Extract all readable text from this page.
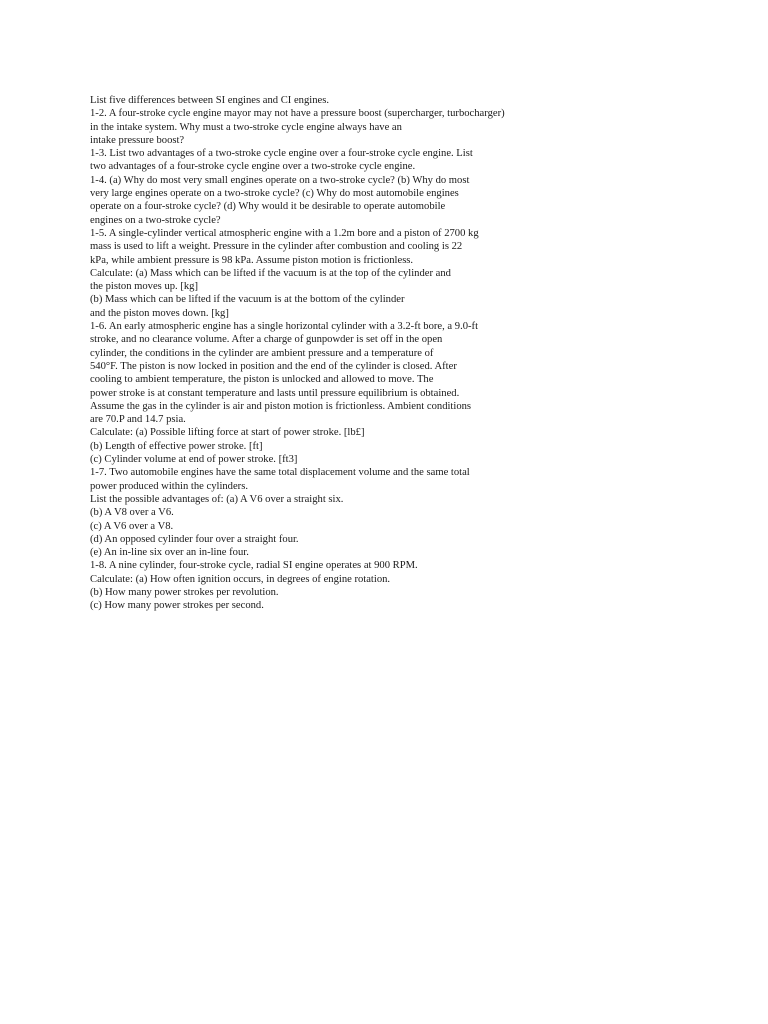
List five differences between SI engines and CI engines.
1-2. A four-stroke cycle engine mayor may not have a pressure boost (supercharger, turbocharger)
in the intake system. Why must a two-stroke cycle engine always have an
intake pressure boost?
1-3. List two advantages of a two-stroke cycle engine over a four-stroke cycle engine. List
two advantages of a four-stroke cycle engine over a two-stroke cycle engine.
1-4. (a) Why do most very small engines operate on a two-stroke cycle? (b) Why do most
very large engines operate on a two-stroke cycle? (c) Why do most automobile engines
operate on a four-stroke cycle? (d) Why would it be desirable to operate automobile
engines on a two-stroke cycle?
1-5. A single-cylinder vertical atmospheric engine with a 1.2m bore and a piston of 2700 kg
mass is used to lift a weight. Pressure in the cylinder after combustion and cooling is 22
kPa, while ambient pressure is 98 kPa. Assume piston motion is frictionless.
Calculate: (a) Mass which can be lifted if the vacuum is at the top of the cylinder and
the piston moves up. [kg]
(b) Mass which can be lifted if the vacuum is at the bottom of the cylinder
and the piston moves down. [kg]
1-6. An early atmospheric engine has a single horizontal cylinder with a 3.2-ft bore, a 9.0-ft
stroke, and no clearance volume. After a charge of gunpowder is set off in the open
cylinder, the conditions in the cylinder are ambient pressure and a temperature of
540°F. The piston is now locked in position and the end of the cylinder is closed. After
cooling to ambient temperature, the piston is unlocked and allowed to move. The
power stroke is at constant temperature and lasts until pressure equilibrium is obtained.
Assume the gas in the cylinder is air and piston motion is frictionless. Ambient conditions
are 70.P and 14.7 psia.
Calculate: (a) Possible lifting force at start of power stroke. [lb£]
(b) Length of effective power stroke. [ft]
(c) Cylinder volume at end of power stroke. [ft3]
1-7. Two automobile engines have the same total displacement volume and the same total
power produced within the cylinders.
List the possible advantages of: (a) A V6 over a straight six.
(b) A V8 over a V6.
(c) A V6 over a V8.
(d) An opposed cylinder four over a straight four.
(e) An in-line six over an in-line four.
1-8. A nine cylinder, four-stroke cycle, radial SI engine operates at 900 RPM.
Calculate: (a) How often ignition occurs, in degrees of engine rotation.
(b) How many power strokes per revolution.
(c) How many power strokes per second.
